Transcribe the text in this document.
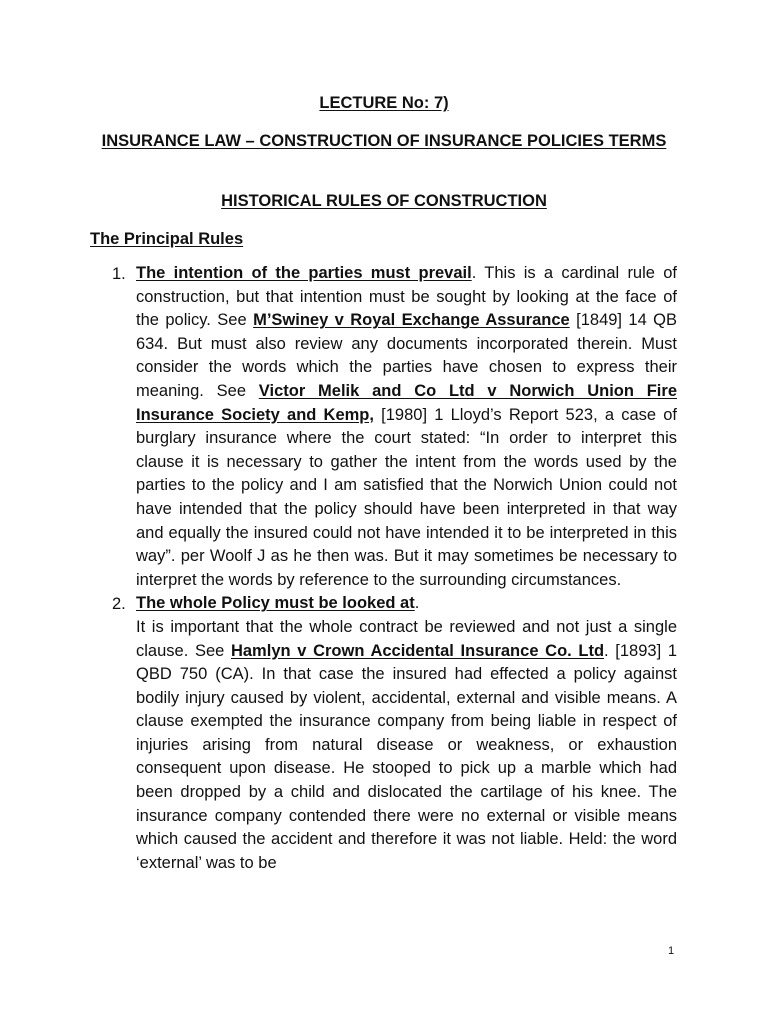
LECTURE No: 7)

INSURANCE LAW – CONSTRUCTION OF INSURANCE POLICIES TERMS

HISTORICAL RULES OF CONSTRUCTION

The Principal Rules

1. The intention of the parties must prevail. This is a cardinal rule of construction, but that intention must be sought by looking at the face of the policy. See M’Swiney v Royal Exchange Assurance [1849] 14 QB 634. But must also review any documents incorporated therein. Must consider the words which the parties have chosen to express their meaning. See Victor Melik and Co Ltd v Norwich Union Fire Insurance Society and Kemp, [1980] 1 Lloyd’s Report 523, a case of burglary insurance where the court stated: “In order to interpret this clause it is necessary to gather the intent from the words used by the parties to the policy and I am satisfied that the Norwich Union could not have intended that the policy should have been interpreted in that way and equally the insured could not have intended it to be interpreted in this way”. per Woolf J as he then was. But it may sometimes be necessary to interpret the words by reference to the surrounding circumstances.

2. The whole Policy must be looked at.

It is important that the whole contract be reviewed and not just a single clause. See Hamlyn v Crown Accidental Insurance Co. Ltd. [1893] 1 QBD 750 (CA). In that case the insured had effected a policy against bodily injury caused by violent, accidental, external and visible means. A clause exempted the insurance company from being liable in respect of injuries arising from natural disease or weakness, or exhaustion consequent upon disease. He stooped to pick up a marble which had been dropped by a child and dislocated the cartilage of his knee. The insurance company contended there were no external or visible means which caused the accident and therefore it was not liable. Held: the word ‘external’ was to be

1
